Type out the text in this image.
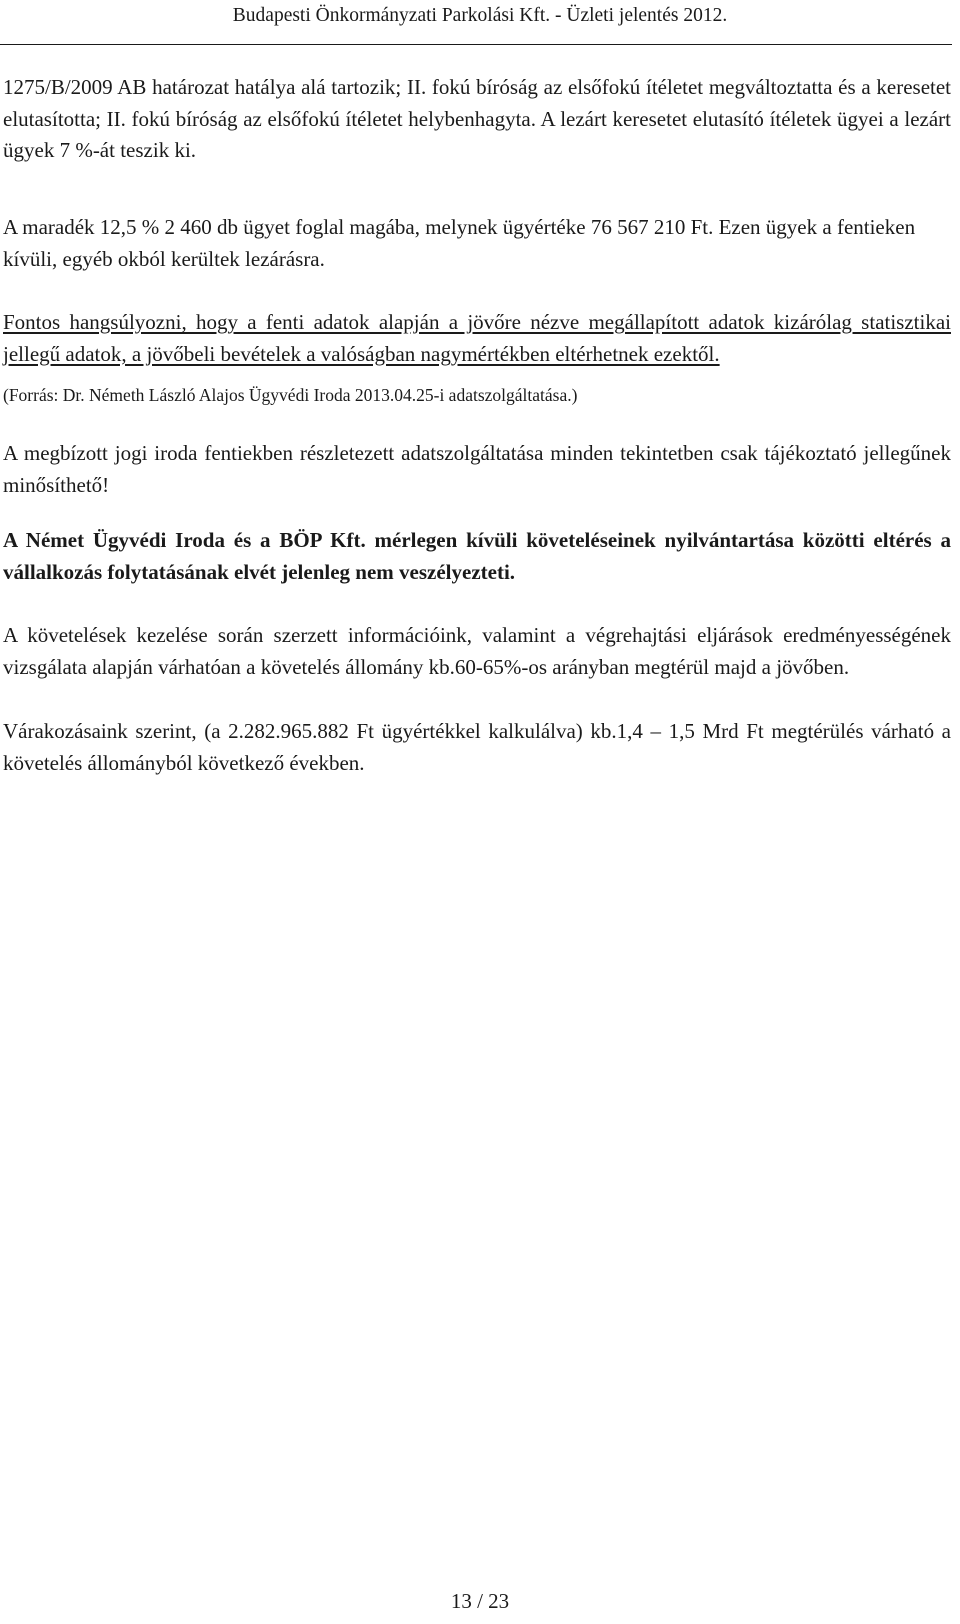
Budapesti Önkormányzati Parkolási Kft. - Üzleti jelentés 2012.

1275/B/2009 AB határozat hatálya alá tartozik; II. fokú bíróság az elsőfokú ítéletet megváltoztatta és a keresetet elutasította; II. fokú bíróság az elsőfokú ítéletet helybenhagyta. A lezárt keresetet elutasító ítéletek ügyei a lezárt ügyek 7 %-át teszik ki.

A maradék 12,5 % 2 460 db ügyet foglal magába, melynek ügyértéke 76 567 210 Ft. Ezen ügyek a fentieken kívüli, egyéb okból kerültek lezárásra.

Fontos hangsúlyozni, hogy a fenti adatok alapján a jövőre nézve megállapított adatok kizárólag statisztikai jellegű adatok, a jövőbeli bevételek a valóságban nagymértékben eltérhetnek ezektől.

(Forrás: Dr. Németh László Alajos Ügyvédi Iroda 2013.04.25-i adatszolgáltatása.)

A megbízott jogi iroda fentiekben részletezett adatszolgáltatása minden tekintetben csak tájékoztató jellegűnek minősíthető!

A Német Ügyvédi Iroda és a BÖP Kft. mérlegen kívüli követeléseinek nyilvántartása közötti eltérés a vállalkozás folytatásának elvét jelenleg nem veszélyezteti.

A követelések kezelése során szerzett információink, valamint a végrehajtási eljárások eredményességének vizsgálata alapján várhatóan a követelés állomány kb.60-65%-os arányban megtérül majd a jövőben.

Várakozásaink szerint, (a 2.282.965.882 Ft ügyértékkel kalkulálva) kb.1,4 – 1,5 Mrd Ft megtérülés várható a követelés állományból következő években.

13 / 23
